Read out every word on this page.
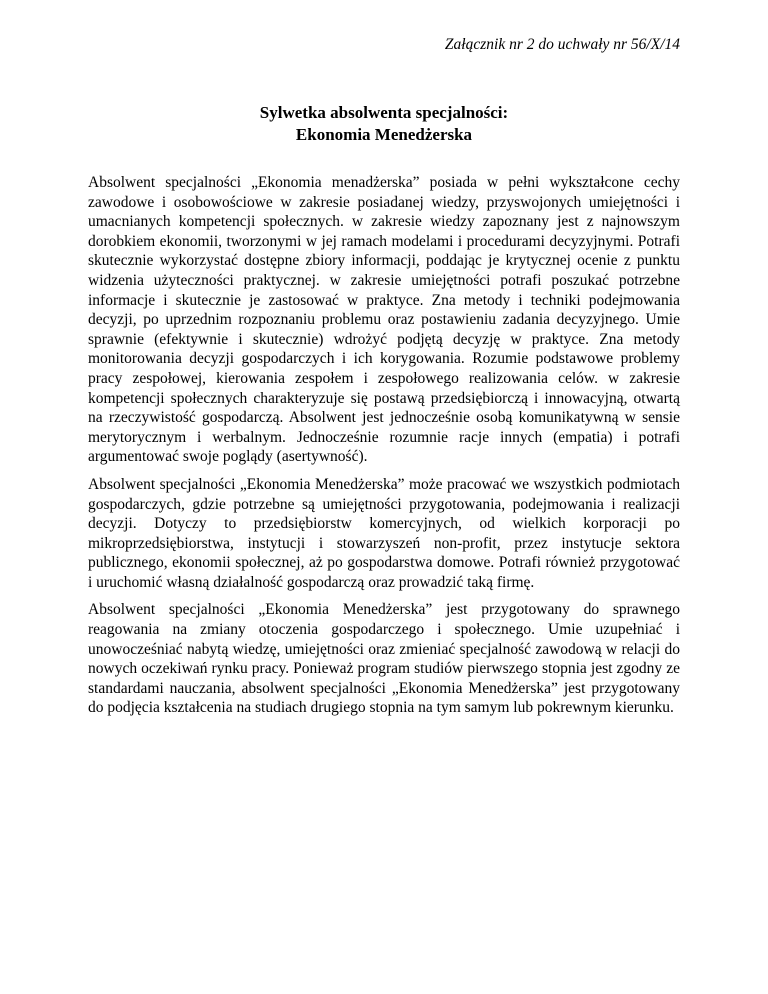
Załącznik nr 2 do uchwały nr 56/X/14
Sylwetka absolwenta specjalności:
Ekonomia Menedżerska

Absolwent specjalności „Ekonomia menadżerska” posiada w pełni wykształcone cechy zawodowe i osobowościowe w zakresie posiadanej wiedzy, przyswojonych umiejętności i umacnianych kompetencji społecznych. w zakresie wiedzy zapoznany jest z najnowszym dorobkiem ekonomii, tworzonymi w jej ramach modelami i procedurami decyzyjnymi. Potrafi skutecznie wykorzystać dostępne zbiory informacji, poddając je krytycznej ocenie z punktu widzenia użyteczności praktycznej. w zakresie umiejętności potrafi poszukać potrzebne informacje i skutecznie je zastosować w praktyce. Zna metody i techniki podejmowania decyzji, po uprzednim rozpoznaniu problemu oraz postawieniu zadania decyzyjnego. Umie sprawnie (efektywnie i skutecznie) wdrożyć podjętą decyzję w praktyce. Zna metody monitorowania decyzji gospodarczych i ich korygowania. Rozumie podstawowe problemy pracy zespołowej, kierowania zespołem i zespołowego realizowania celów. w zakresie kompetencji społecznych charakteryzuje się postawą przedsiębiorczą i innowacyjną, otwartą na rzeczywistość gospodarczą. Absolwent jest jednocześnie osobą komunikatywną w sensie merytorycznym i werbalnym. Jednocześnie rozumnie racje innych (empatia) i potrafi argumentować swoje poglądy (asertywność).

Absolwent specjalności „Ekonomia Menedżerska” może pracować we wszystkich podmiotach gospodarczych, gdzie potrzebne są umiejętności przygotowania, podejmowania i realizacji decyzji. Dotyczy to przedsiębiorstw komercyjnych, od wielkich korporacji po mikroprzedsiębiorstwa, instytucji i stowarzyszeń non-profit, przez instytucje sektora publicznego, ekonomii społecznej, aż po gospodarstwa domowe. Potrafi również przygotować i uruchomić własną działalność gospodarczą oraz prowadzić taką firmę.

Absolwent specjalności „Ekonomia Menedżerska” jest przygotowany do sprawnego reagowania na zmiany otoczenia gospodarczego i społecznego. Umie uzupełniać i unowocześniać nabytą wiedzę, umiejętności oraz zmieniać specjalność zawodową w relacji do nowych oczekiwań rynku pracy. Ponieważ program studiów pierwszego stopnia jest zgodny ze standardami nauczania, absolwent specjalności „Ekonomia Menedżerska” jest przygotowany do podjęcia kształcenia na studiach drugiego stopnia na tym samym lub pokrewnym kierunku.
